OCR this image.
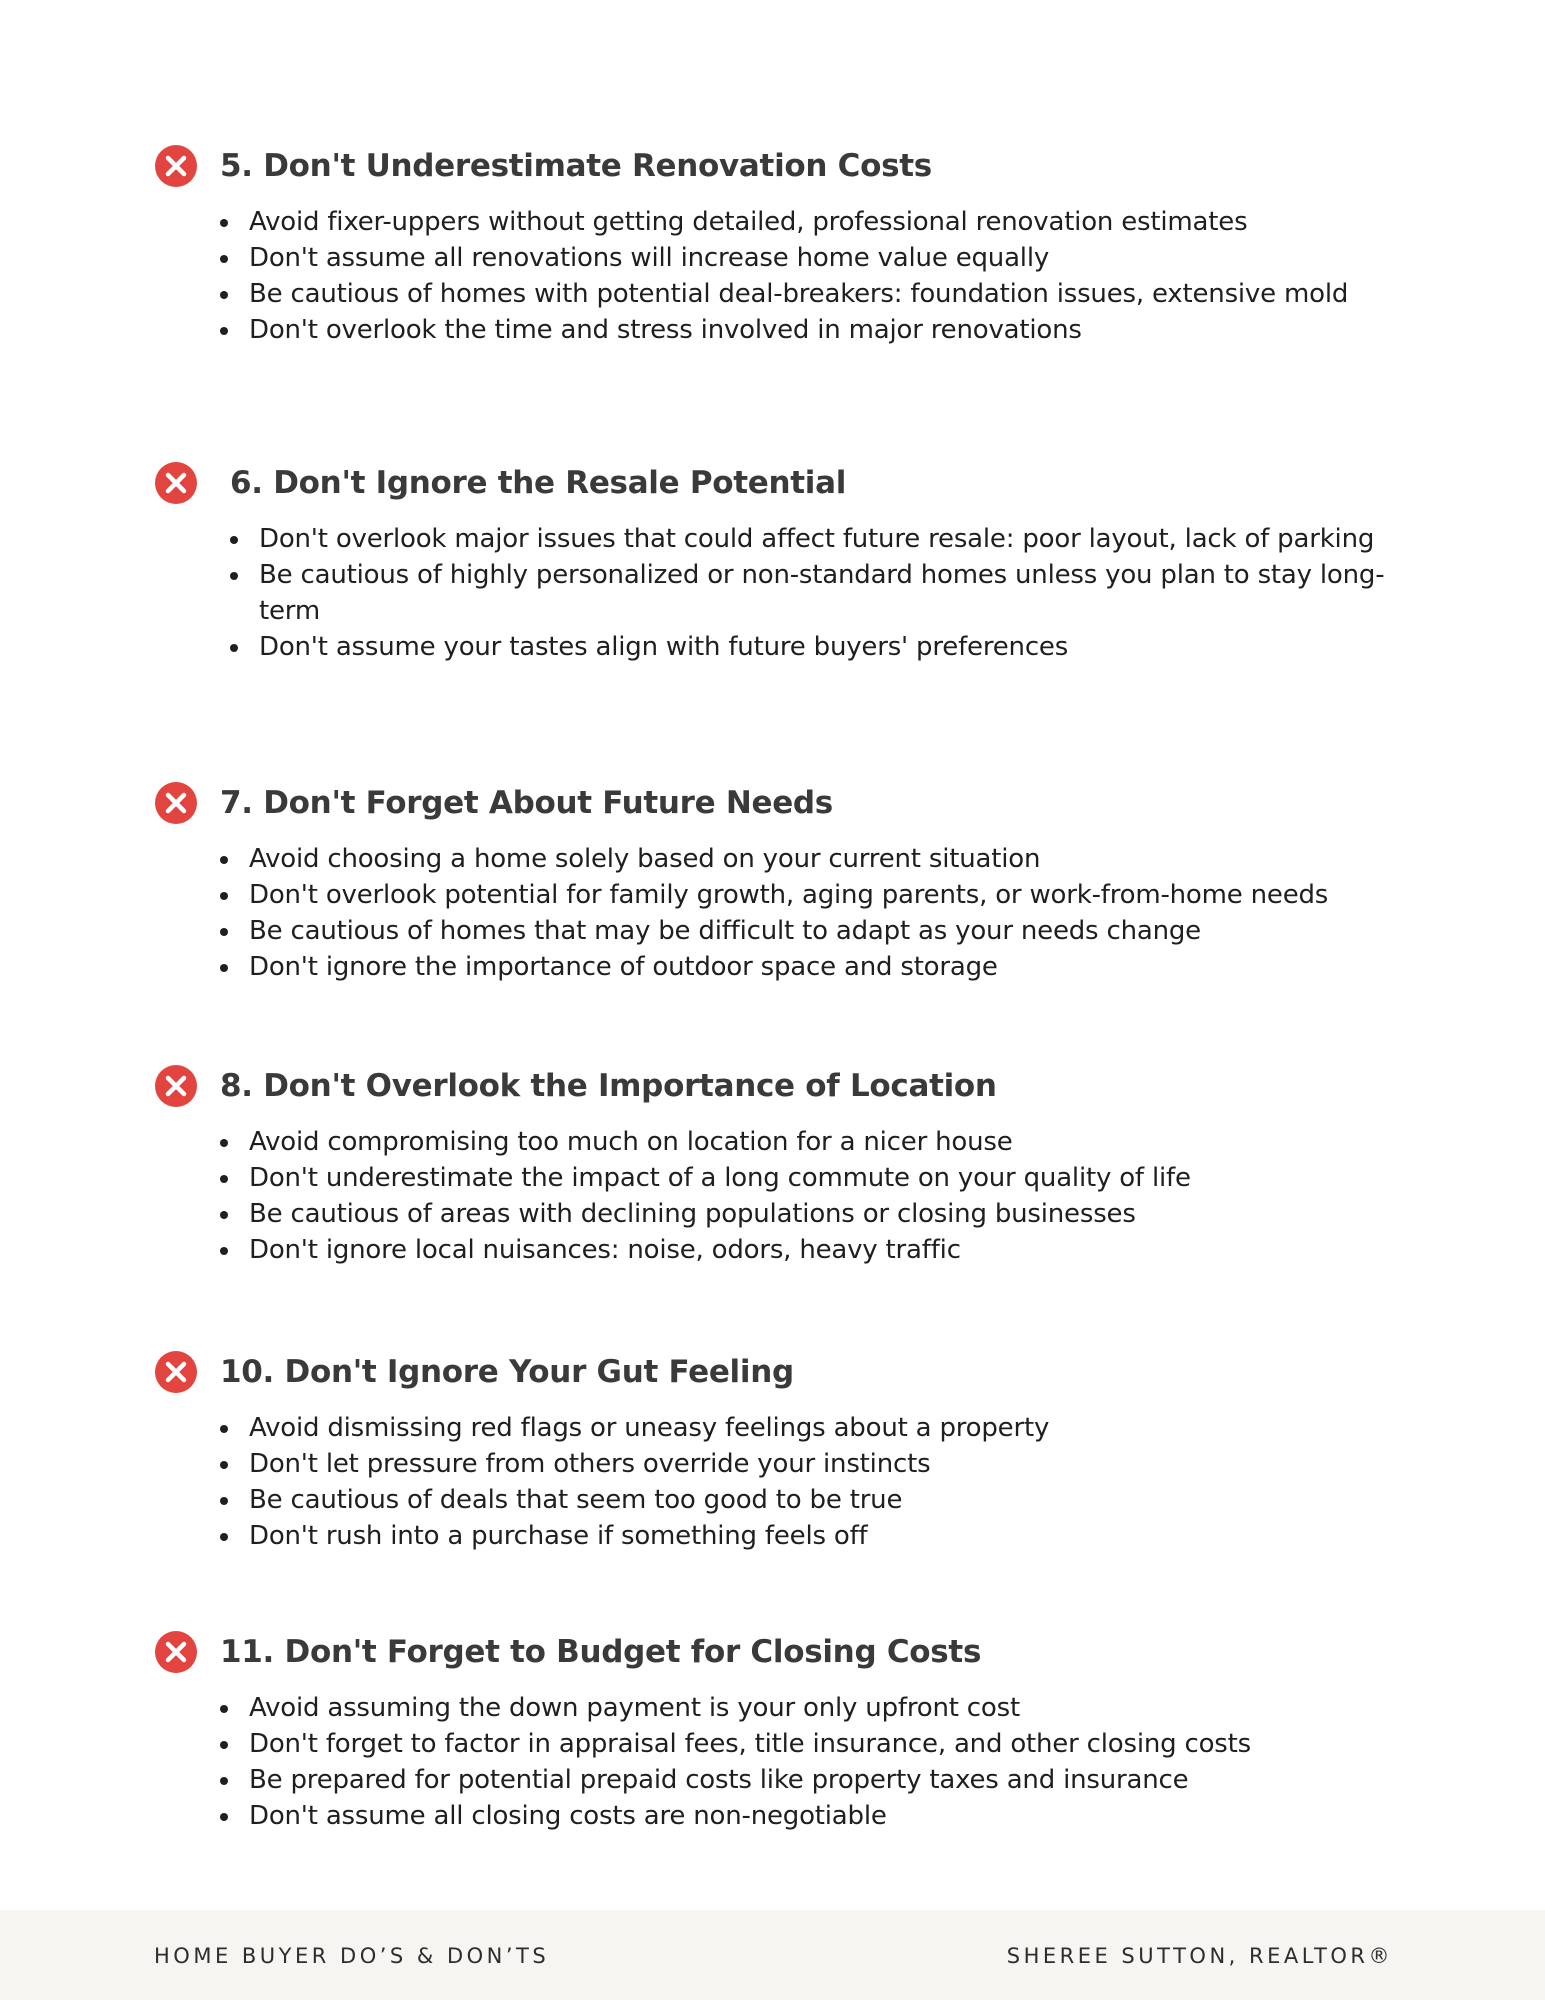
5. Don't Underestimate Renovation Costs
Avoid fixer-uppers without getting detailed, professional renovation estimates
Don't assume all renovations will increase home value equally
Be cautious of homes with potential deal-breakers: foundation issues, extensive mold
Don't overlook the time and stress involved in major renovations
6. Don't Ignore the Resale Potential
Don't overlook major issues that could affect future resale: poor layout, lack of parking
Be cautious of highly personalized or non-standard homes unless you plan to stay long-term
Don't assume your tastes align with future buyers' preferences
7. Don't Forget About Future Needs
Avoid choosing a home solely based on your current situation
Don't overlook potential for family growth, aging parents, or work-from-home needs
Be cautious of homes that may be difficult to adapt as your needs change
Don't ignore the importance of outdoor space and storage
8. Don't Overlook the Importance of Location
Avoid compromising too much on location for a nicer house
Don't underestimate the impact of a long commute on your quality of life
Be cautious of areas with declining populations or closing businesses
Don't ignore local nuisances: noise, odors, heavy traffic
10. Don't Ignore Your Gut Feeling
Avoid dismissing red flags or uneasy feelings about a property
Don't let pressure from others override your instincts
Be cautious of deals that seem too good to be true
Don't rush into a purchase if something feels off
11. Don't Forget to Budget for Closing Costs
Avoid assuming the down payment is your only upfront cost
Don't forget to factor in appraisal fees, title insurance, and other closing costs
Be prepared for potential prepaid costs like property taxes and insurance
Don't assume all closing costs are non-negotiable
HOME BUYER DO’S & DON’TS	SHEREE SUTTON, REALTOR®
